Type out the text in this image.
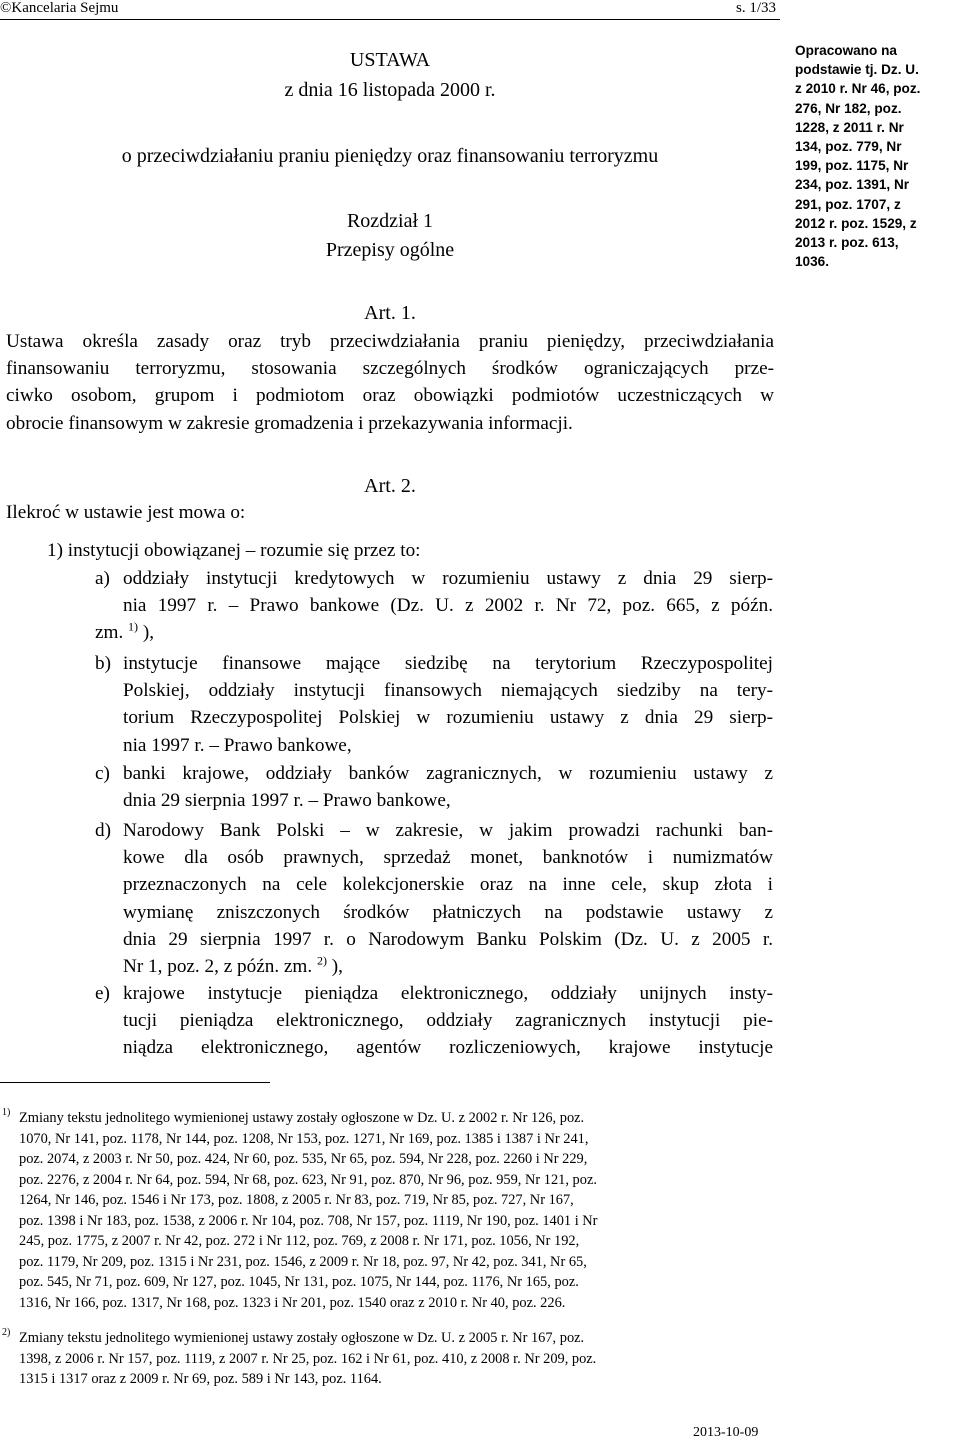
©Kancelaria Sejmu	s. 1/33
USTAWA
z dnia 16 listopada 2000 r.
o przeciwdziałaniu praniu pieniędzy oraz finansowaniu terroryzmu
Rozdział 1
Przepisy ogólne
Opracowano na
podstawie tj. Dz. U.
z 2010 r. Nr 46, poz.
276, Nr 182, poz.
1228, z 2011 r. Nr
134, poz. 779, Nr
199, poz. 1175, Nr
234, poz. 1391, Nr
291, poz. 1707, z
2012 r. poz. 1529, z
2013 r. poz. 613,
1036.
Art. 1.
Ustawa określa zasady oraz tryb przeciwdziałania praniu pieniędzy, przeciwdziałania
finansowaniu terroryzmu, stosowania szczególnych środków ograniczających prze-
ciwko osobom, grupom i podmiotom oraz obowiązki podmiotów uczestniczących w
obrocie finansowym w zakresie gromadzenia i przekazywania informacji.
Art. 2.
Ilekroć w ustawie jest mowa o:
1) instytucji obowiązanej – rozumie się przez to:
a) oddziały instytucji kredytowych w rozumieniu ustawy z dnia 29 sierp-
nia 1997 r. – Prawo bankowe (Dz. U. z 2002 r. Nr 72, poz. 665, z późn.
zm. $^{1)}$ ),
b) instytucje finansowe mające siedzibę na terytorium Rzeczypospolitej
Polskiej, oddziały instytucji finansowych niemających siedziby na tery-
torium Rzeczypospolitej Polskiej w rozumieniu ustawy z dnia 29 sierp-
nia 1997 r. – Prawo bankowe,
c) banki krajowe, oddziały banków zagranicznych, w rozumieniu ustawy z
dnia 29 sierpnia 1997 r. – Prawo bankowe,
d) Narodowy Bank Polski – w zakresie, w jakim prowadzi rachunki ban-
kowe dla osób prawnych, sprzedaż monet, banknotów i numizmatów
przeznaczonych na cele kolekcjonerskie oraz na inne cele, skup złota i
wymianę zniszczonych środków płatniczych na podstawie ustawy z
dnia 29 sierpnia 1997 r. o Narodowym Banku Polskim (Dz. U. z 2005 r.
Nr 1, poz. 2, z późn. zm. $^{2)}$ ),
e) krajowe instytucje pieniądza elektronicznego, oddziały unijnych insty-
tucji pieniądza elektronicznego, oddziały zagranicznych instytucji pie-
niądza elektronicznego, agentów rozliczeniowych, krajowe instytucje
1) Zmiany tekstu jednolitego wymienionej ustawy zostały ogłoszone w Dz. U. z 2002 r. Nr 126, poz.
1070, Nr 141, poz. 1178, Nr 144, poz. 1208, Nr 153, poz. 1271, Nr 169, poz. 1385 i 1387 i Nr 241,
poz. 2074, z 2003 r. Nr 50, poz. 424, Nr 60, poz. 535, Nr 65, poz. 594, Nr 228, poz. 2260 i Nr 229,
poz. 2276, z 2004 r. Nr 64, poz. 594, Nr 68, poz. 623, Nr 91, poz. 870, Nr 96, poz. 959, Nr 121, poz.
1264, Nr 146, poz. 1546 i Nr 173, poz. 1808, z 2005 r. Nr 83, poz. 719, Nr 85, poz. 727, Nr 167,
poz. 1398 i Nr 183, poz. 1538, z 2006 r. Nr 104, poz. 708, Nr 157, poz. 1119, Nr 190, poz. 1401 i Nr
245, poz. 1775, z 2007 r. Nr 42, poz. 272 i Nr 112, poz. 769, z 2008 r. Nr 171, poz. 1056, Nr 192,
poz. 1179, Nr 209, poz. 1315 i Nr 231, poz. 1546, z 2009 r. Nr 18, poz. 97, Nr 42, poz. 341, Nr 65,
poz. 545, Nr 71, poz. 609, Nr 127, poz. 1045, Nr 131, poz. 1075, Nr 144, poz. 1176, Nr 165, poz.
1316, Nr 166, poz. 1317, Nr 168, poz. 1323 i Nr 201, poz. 1540 oraz z 2010 r. Nr 40, poz. 226.
2) Zmiany tekstu jednolitego wymienionej ustawy zostały ogłoszone w Dz. U. z 2005 r. Nr 167, poz.
1398, z 2006 r. Nr 157, poz. 1119, z 2007 r. Nr 25, poz. 162 i Nr 61, poz. 410, z 2008 r. Nr 209, poz.
1315 i 1317 oraz z 2009 r. Nr 69, poz. 589 i Nr 143, poz. 1164.
2013-10-09
